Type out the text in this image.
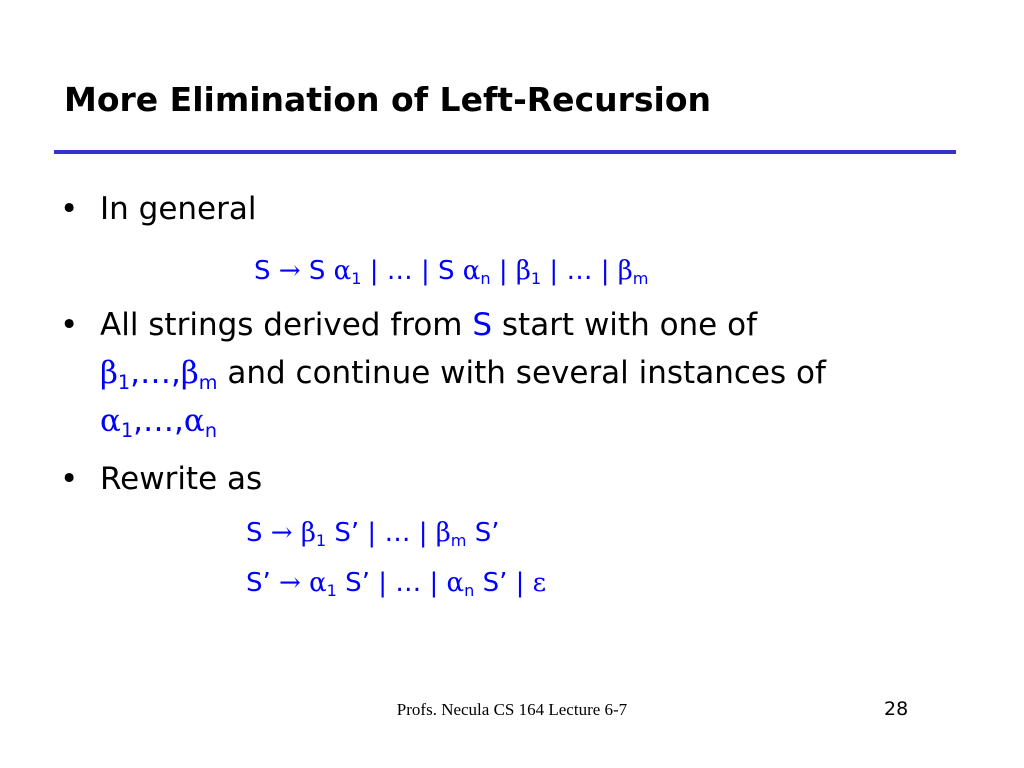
More Elimination of Left-Recursion
• In general
S → S $\alpha_1$ | … | S $\alpha_n$ | $\beta_1$ | … | $\beta_m$
• All strings derived from S start with one of
$\beta_1,\dots,\beta_m$ and continue with several instances of
$\alpha_1,\dots,\alpha_n$
• Rewrite as
$S \to \beta_1$ S’ | … | $\beta_m$ S’
S’ → $\alpha_1$ S’ | … | $\alpha_n$ S’ | ε
Profs. Necula CS 164 Lecture 6-7	28
